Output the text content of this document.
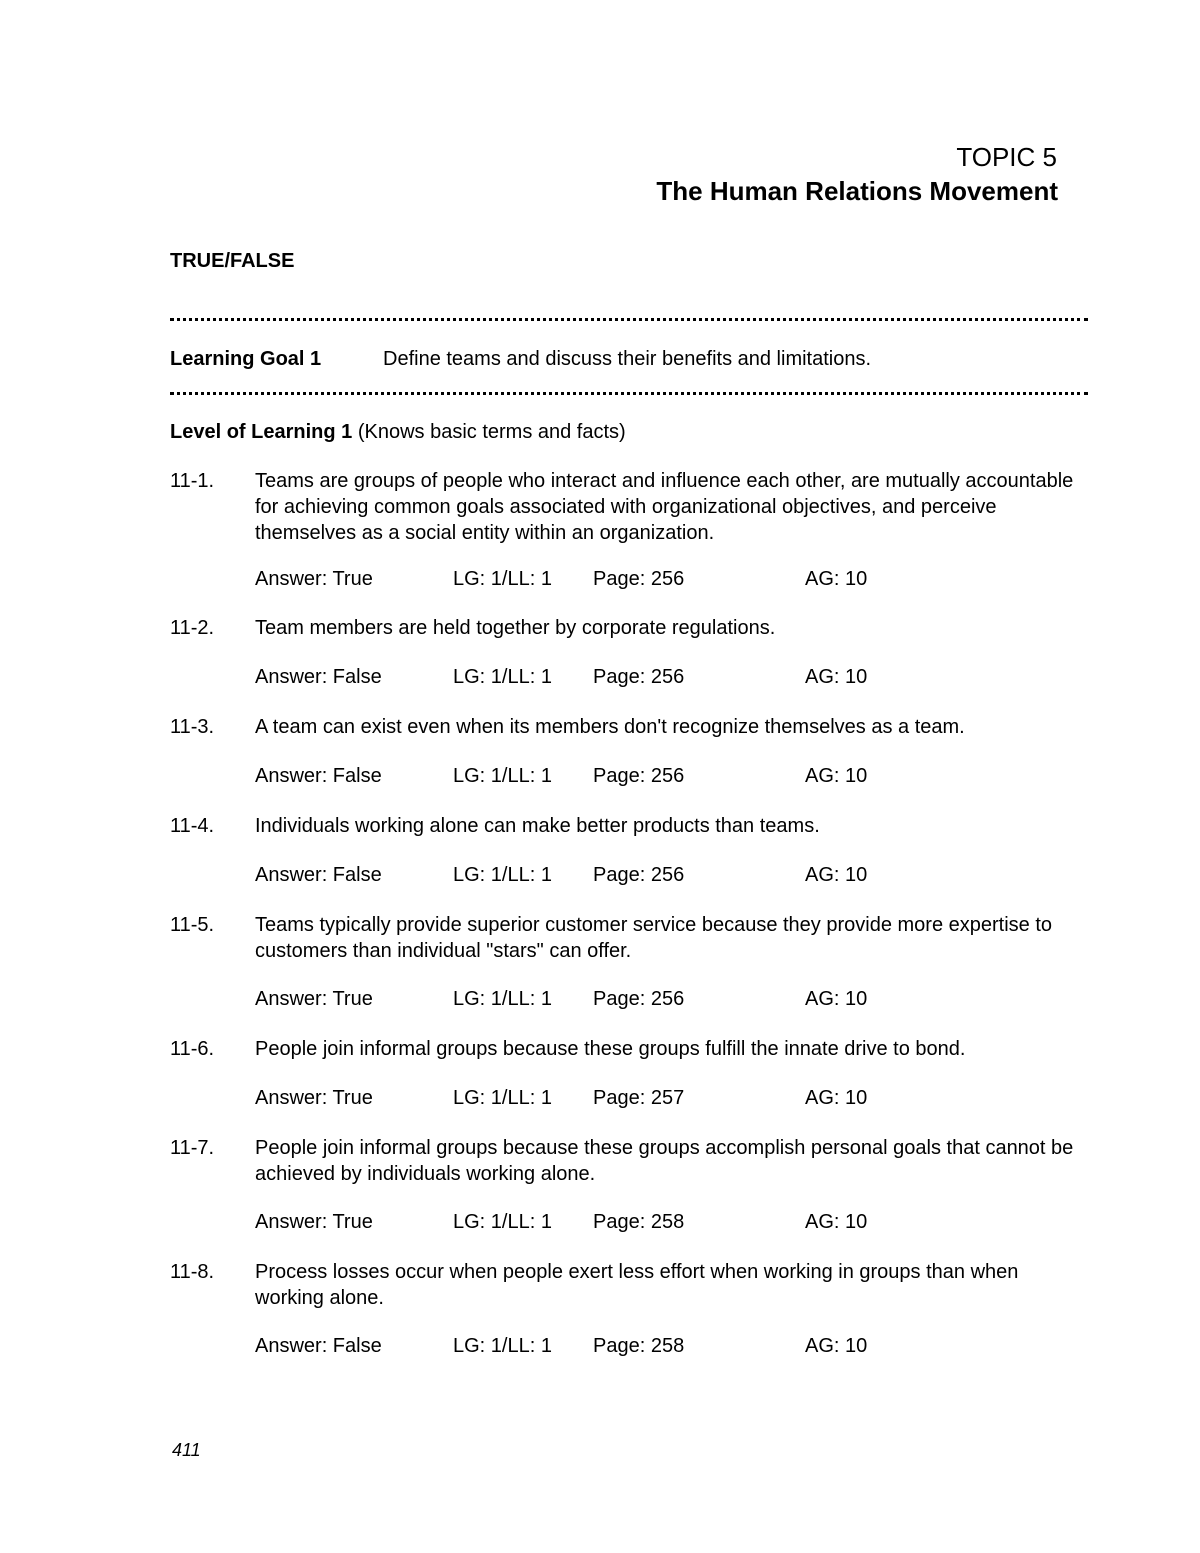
TOPIC 5
The Human Relations Movement
TRUE/FALSE
Learning Goal 1	Define teams and discuss their benefits and limitations.
Level of Learning 1 (Knows basic terms and facts)
11-1. Teams are groups of people who interact and influence each other, are mutually accountable for achieving common goals associated with organizational objectives, and perceive themselves as a social entity within an organization.
Answer: True	LG: 1/LL: 1 Page: 256	AG: 10
11-2. Team members are held together by corporate regulations.
Answer: False	LG: 1/LL: 1 Page: 256	AG: 10
11-3. A team can exist even when its members don't recognize themselves as a team.
Answer: False	LG: 1/LL: 1 Page: 256	AG: 10
11-4. Individuals working alone can make better products than teams.
Answer: False	LG: 1/LL: 1 Page: 256	AG: 10
11-5. Teams typically provide superior customer service because they provide more expertise to customers than individual "stars" can offer.
Answer: True	LG: 1/LL: 1 Page: 256	AG: 10
11-6. People join informal groups because these groups fulfill the innate drive to bond.
Answer: True	LG: 1/LL: 1 Page: 257	AG: 10
11-7. People join informal groups because these groups accomplish personal goals that cannot be achieved by individuals working alone.
Answer: True	LG: 1/LL: 1 Page: 258	AG: 10
11-8. Process losses occur when people exert less effort when working in groups than when working alone.
Answer: False	LG: 1/LL: 1 Page: 258	AG: 10
411
